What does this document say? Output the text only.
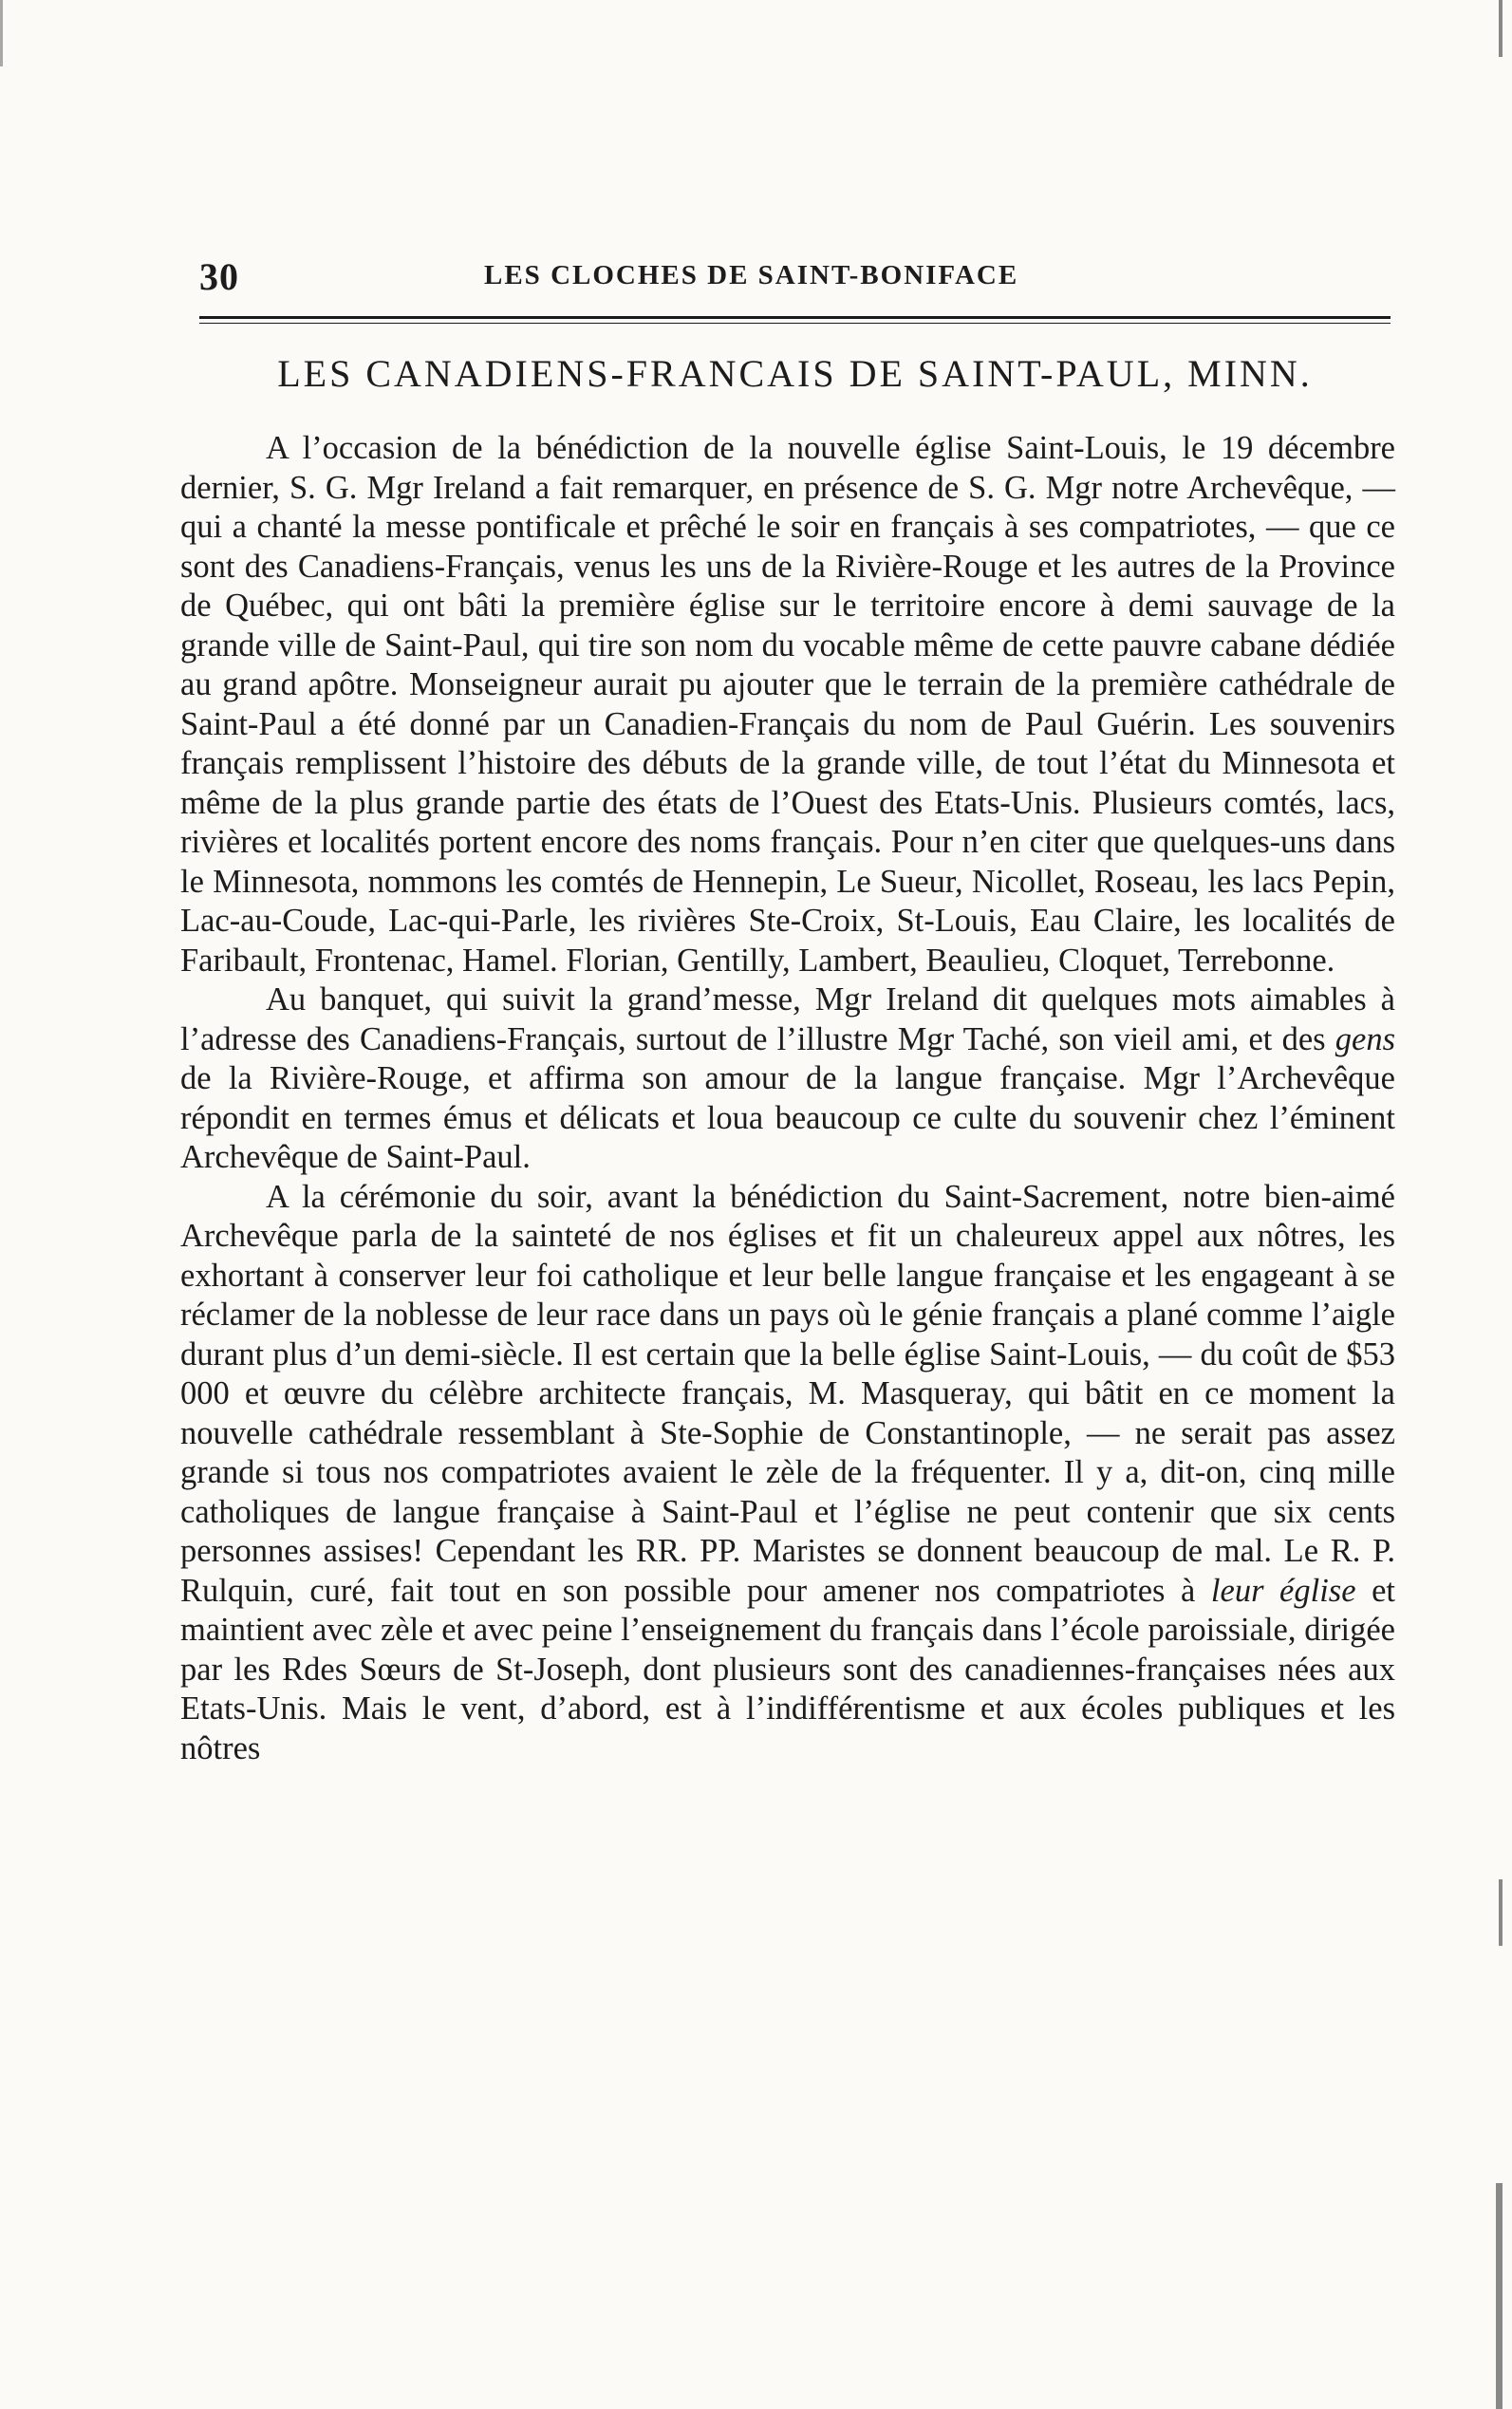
30	LES CLOCHES DE SAINT-BONIFACE
LES CANADIENS-FRANCAIS DE SAINT-PAUL, MINN.

A l’occasion de la bénédiction de la nouvelle église Saint-Louis, le 19 décembre dernier, S. G. Mgr Ireland a fait remarquer, en présence de S. G. Mgr notre Archevêque, — qui a chanté la messe pontificale et prêché le soir en français à ses compatriotes, — que ce sont des Canadiens-Français, venus les uns de la Rivière-Rouge et les autres de la Province de Québec, qui ont bâti la première église sur le territoire encore à demi sauvage de la grande ville de Saint-Paul, qui tire son nom du vocable même de cette pauvre cabane dédiée au grand apôtre. Monseigneur aurait pu ajouter que le terrain de la première cathédrale de Saint-Paul a été donné par un Canadien-Français du nom de Paul Guérin. Les souvenirs français remplissent l’histoire des débuts de la grande ville, de tout l’état du Minnesota et même de la plus grande partie des états de l’Ouest des Etats-Unis. Plusieurs comtés, lacs, rivières et localités portent encore des noms français. Pour n’en citer que quelques-uns dans le Minnesota, nommons les comtés de Hennepin, Le Sueur, Nicollet, Roseau, les lacs Pepin, Lac-au-Coude, Lac-qui-Parle, les rivières Ste-Croix, St-Louis, Eau Claire, les localités de Faribault, Frontenac, Hamel. Florian, Gentilly, Lambert, Beaulieu, Cloquet, Terrebonne.

Au banquet, qui suivit la grand’messe, Mgr Ireland dit quelques mots aimables à l’adresse des Canadiens-Français, surtout de l’illustre Mgr Taché, son vieil ami, et des gens de la Rivière-Rouge, et affirma son amour de la langue française. Mgr l’Archevêque répondit en termes émus et délicats et loua beaucoup ce culte du souvenir chez l’éminent Archevêque de Saint-Paul.

A la cérémonie du soir, avant la bénédiction du Saint-Sacrement, notre bien-aimé Archevêque parla de la sainteté de nos églises et fit un chaleureux appel aux nôtres, les exhortant à conserver leur foi catholique et leur belle langue française et les engageant à se réclamer de la noblesse de leur race dans un pays où le génie français a plané comme l’aigle durant plus d’un demi-siècle. Il est certain que la belle église Saint-Louis, — du coût de $53 000 et œuvre du célèbre architecte français, M. Masqueray, qui bâtit en ce moment la nouvelle cathédrale ressemblant à Ste-Sophie de Constantinople, — ne serait pas assez grande si tous nos compatriotes avaient le zèle de la fréquenter. Il y a, dit-on, cinq mille catholiques de langue française à Saint-Paul et l’église ne peut contenir que six cents personnes assises! Cependant les RR. PP. Maristes se donnent beaucoup de mal. Le R. P. Rulquin, curé, fait tout en son possible pour amener nos compatriotes à leur église et maintient avec zèle et avec peine l’enseignement du français dans l’école paroissiale, dirigée par les Rdes Sœurs de St-Joseph, dont plusieurs sont des canadiennes-françaises nées aux Etats-Unis. Mais le vent, d’abord, est à l’indifférentisme et aux écoles publiques et les nôtres
